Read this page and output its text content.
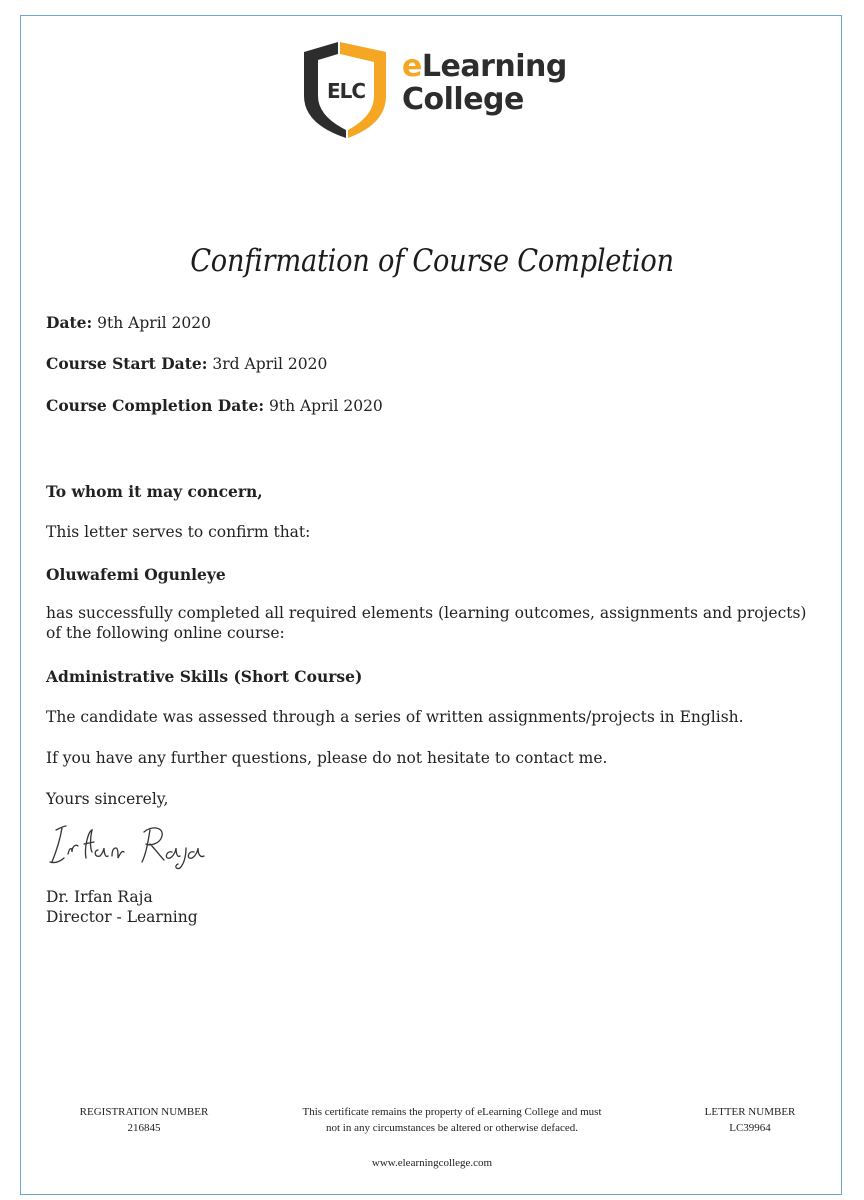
ELC
eLearning
College
Confirmation of Course Completion
Date: 9th April 2020
Course Start Date: 3rd April 2020
Course Completion Date: 9th April 2020
To whom it may concern,
This letter serves to confirm that:
Oluwafemi Ogunleye
has successfully completed all required elements (learning outcomes, assignments and projects) of the following online course:
Administrative Skills (Short Course)
The candidate was assessed through a series of written assignments/projects in English.
If you have any further questions, please do not hesitate to contact me.
Yours sincerely,
Dr. Irfan Raja
Director - Learning
REGISTRATION NUMBER
216845
This certificate remains the property of eLearning College and must
not in any circumstances be altered or otherwise defaced.
LETTER NUMBER
LC39964
www.elearningcollege.com
